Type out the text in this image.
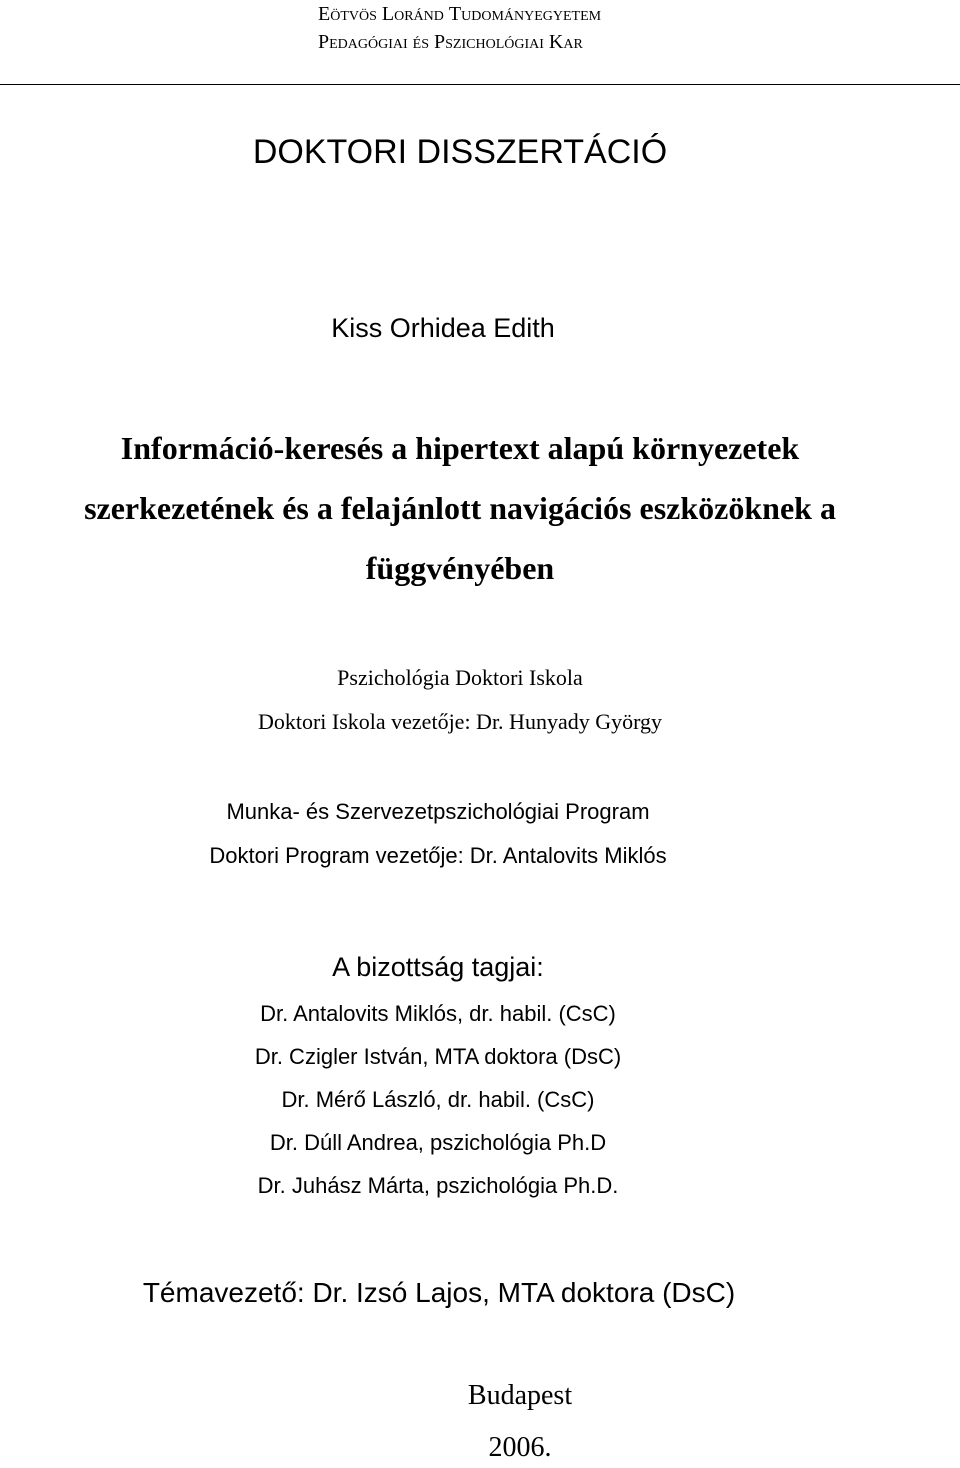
Eötvös Loránd Tudományegyetem
Pedagógiai és Pszichológiai Kar
DOKTORI DISSZERTÁCIÓ
Kiss Orhidea Edith
Információ-keresés a hipertext alapú környezetek
szerkezetének és a felajánlott navigációs eszközöknek a
függvényében
Pszichológia Doktori Iskola
Doktori Iskola vezetője: Dr. Hunyady György
Munka- és Szervezetpszichológiai Program
Doktori Program vezetője: Dr. Antalovits Miklós
A bizottság tagjai:
Dr. Antalovits Miklós, dr. habil. (CsC)
Dr. Czigler István, MTA doktora (DsC)
Dr. Mérő László, dr. habil. (CsC)
Dr. Dúll Andrea, pszichológia Ph.D
Dr. Juhász Márta, pszichológia Ph.D.
Témavezető: Dr. Izsó Lajos, MTA doktora (DsC)
Budapest
2006.
